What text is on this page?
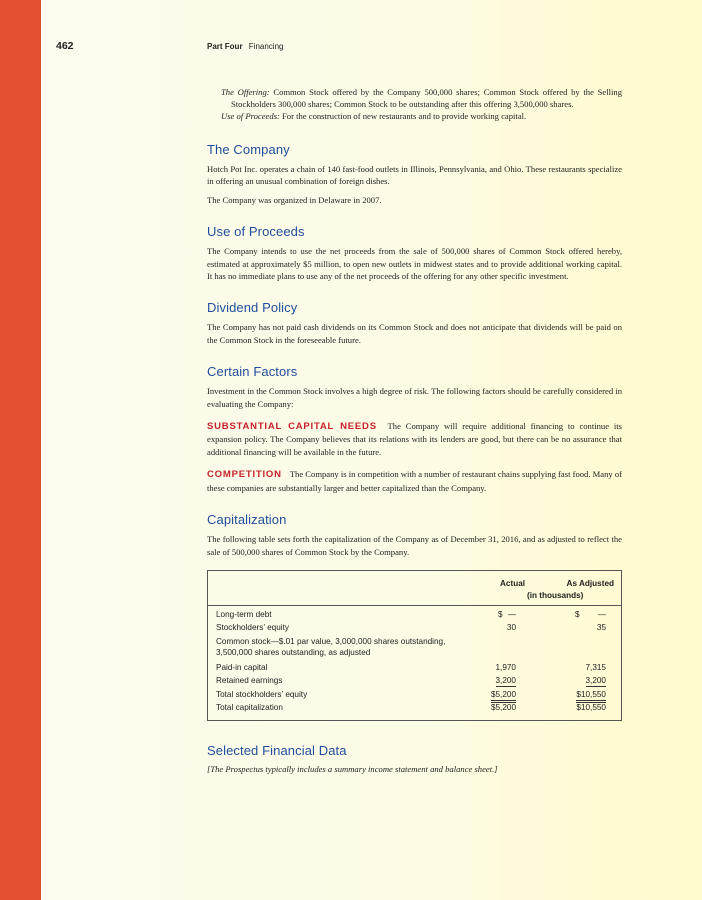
462	Part Four Financing

The Offering: Common Stock offered by the Company 500,000 shares; Common Stock offered by the Selling Stockholders 300,000 shares; Common Stock to be outstanding after this offering 3,500,000 shares.

Use of Proceeds: For the construction of new restaurants and to provide working capital.

The Company

Hotch Pot Inc. operates a chain of 140 fast-food outlets in Illinois, Pennsylvania, and Ohio. These restaurants specialize in offering an unusual combination of foreign dishes.

The Company was organized in Delaware in 2007.

Use of Proceeds

The Company intends to use the net proceeds from the sale of 500,000 shares of Common Stock offered hereby, estimated at approximately $5 million, to open new outlets in midwest states and to provide additional working capital. It has no immediate plans to use any of the net proceeds of the offering for any other specific investment.

Dividend Policy

The Company has not paid cash dividends on its Common Stock and does not anticipate that dividends will be paid on the Common Stock in the foreseeable future.

Certain Factors

Investment in the Common Stock involves a high degree of risk. The following factors should be carefully considered in evaluating the Company:

SUBSTANTIAL CAPITAL NEEDS The Company will require additional financing to continue its expansion policy. The Company believes that its relations with its lenders are good, but there can be no assurance that additional financing will be available in the future.

COMPETITION The Company is in competition with a number of restaurant chains supplying fast food. Many of these companies are substantially larger and better capitalized than the Company.

Capitalization

The following table sets forth the capitalization of the Company as of December 31, 2016, and as adjusted to reflect the sale of 500,000 shares of Common Stock by the Company.

Actual	As Adjusted
(in thousands)
Long-term debt	$ —	$ —
Stockholders’ equity	30	35
Common stock—$.01 par value, 3,000,000 shares outstanding, 3,500,000 shares outstanding, as adjusted
Paid-in capital	1,970	7,315
Retained earnings	3,200	3,200
Total stockholders’ equity	$5,200	$10,550
Total capitalization	$5,200	$10,550
Selected Financial Data

[The Prospectus typically includes a summary income statement and balance sheet.]
